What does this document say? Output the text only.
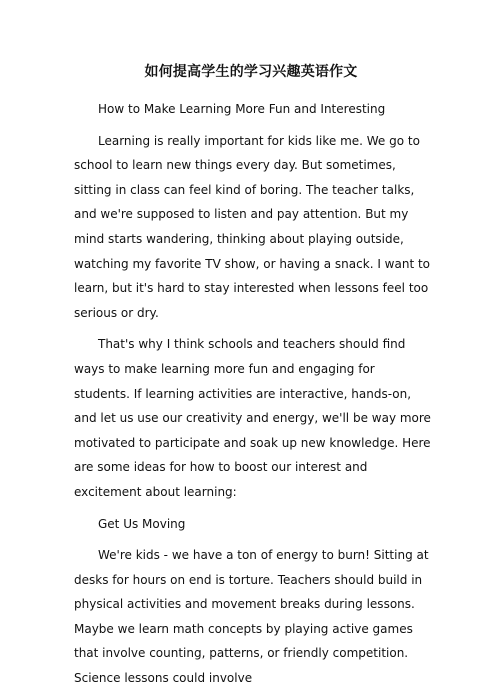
如何提高学生的学习兴趣英语作文

How to Make Learning More Fun and Interesting

Learning is really important for kids like me. We go to school to learn new things every day. But sometimes, sitting in class can feel kind of boring. The teacher talks, and we're supposed to listen and pay attention. But my mind starts wandering, thinking about playing outside, watching my favorite TV show, or having a snack. I want to learn, but it's hard to stay interested when lessons feel too serious or dry.

That's why I think schools and teachers should find ways to make learning more fun and engaging for students. If learning activities are interactive, hands-on, and let us use our creativity and energy, we'll be way more motivated to participate and soak up new knowledge. Here are some ideas for how to boost our interest and excitement about learning:

Get Us Moving

We're kids - we have a ton of energy to burn! Sitting at desks for hours on end is torture. Teachers should build in physical activities and movement breaks during lessons. Maybe we learn math concepts by playing active games that involve counting, patterns, or friendly competition. Science lessons could involve
